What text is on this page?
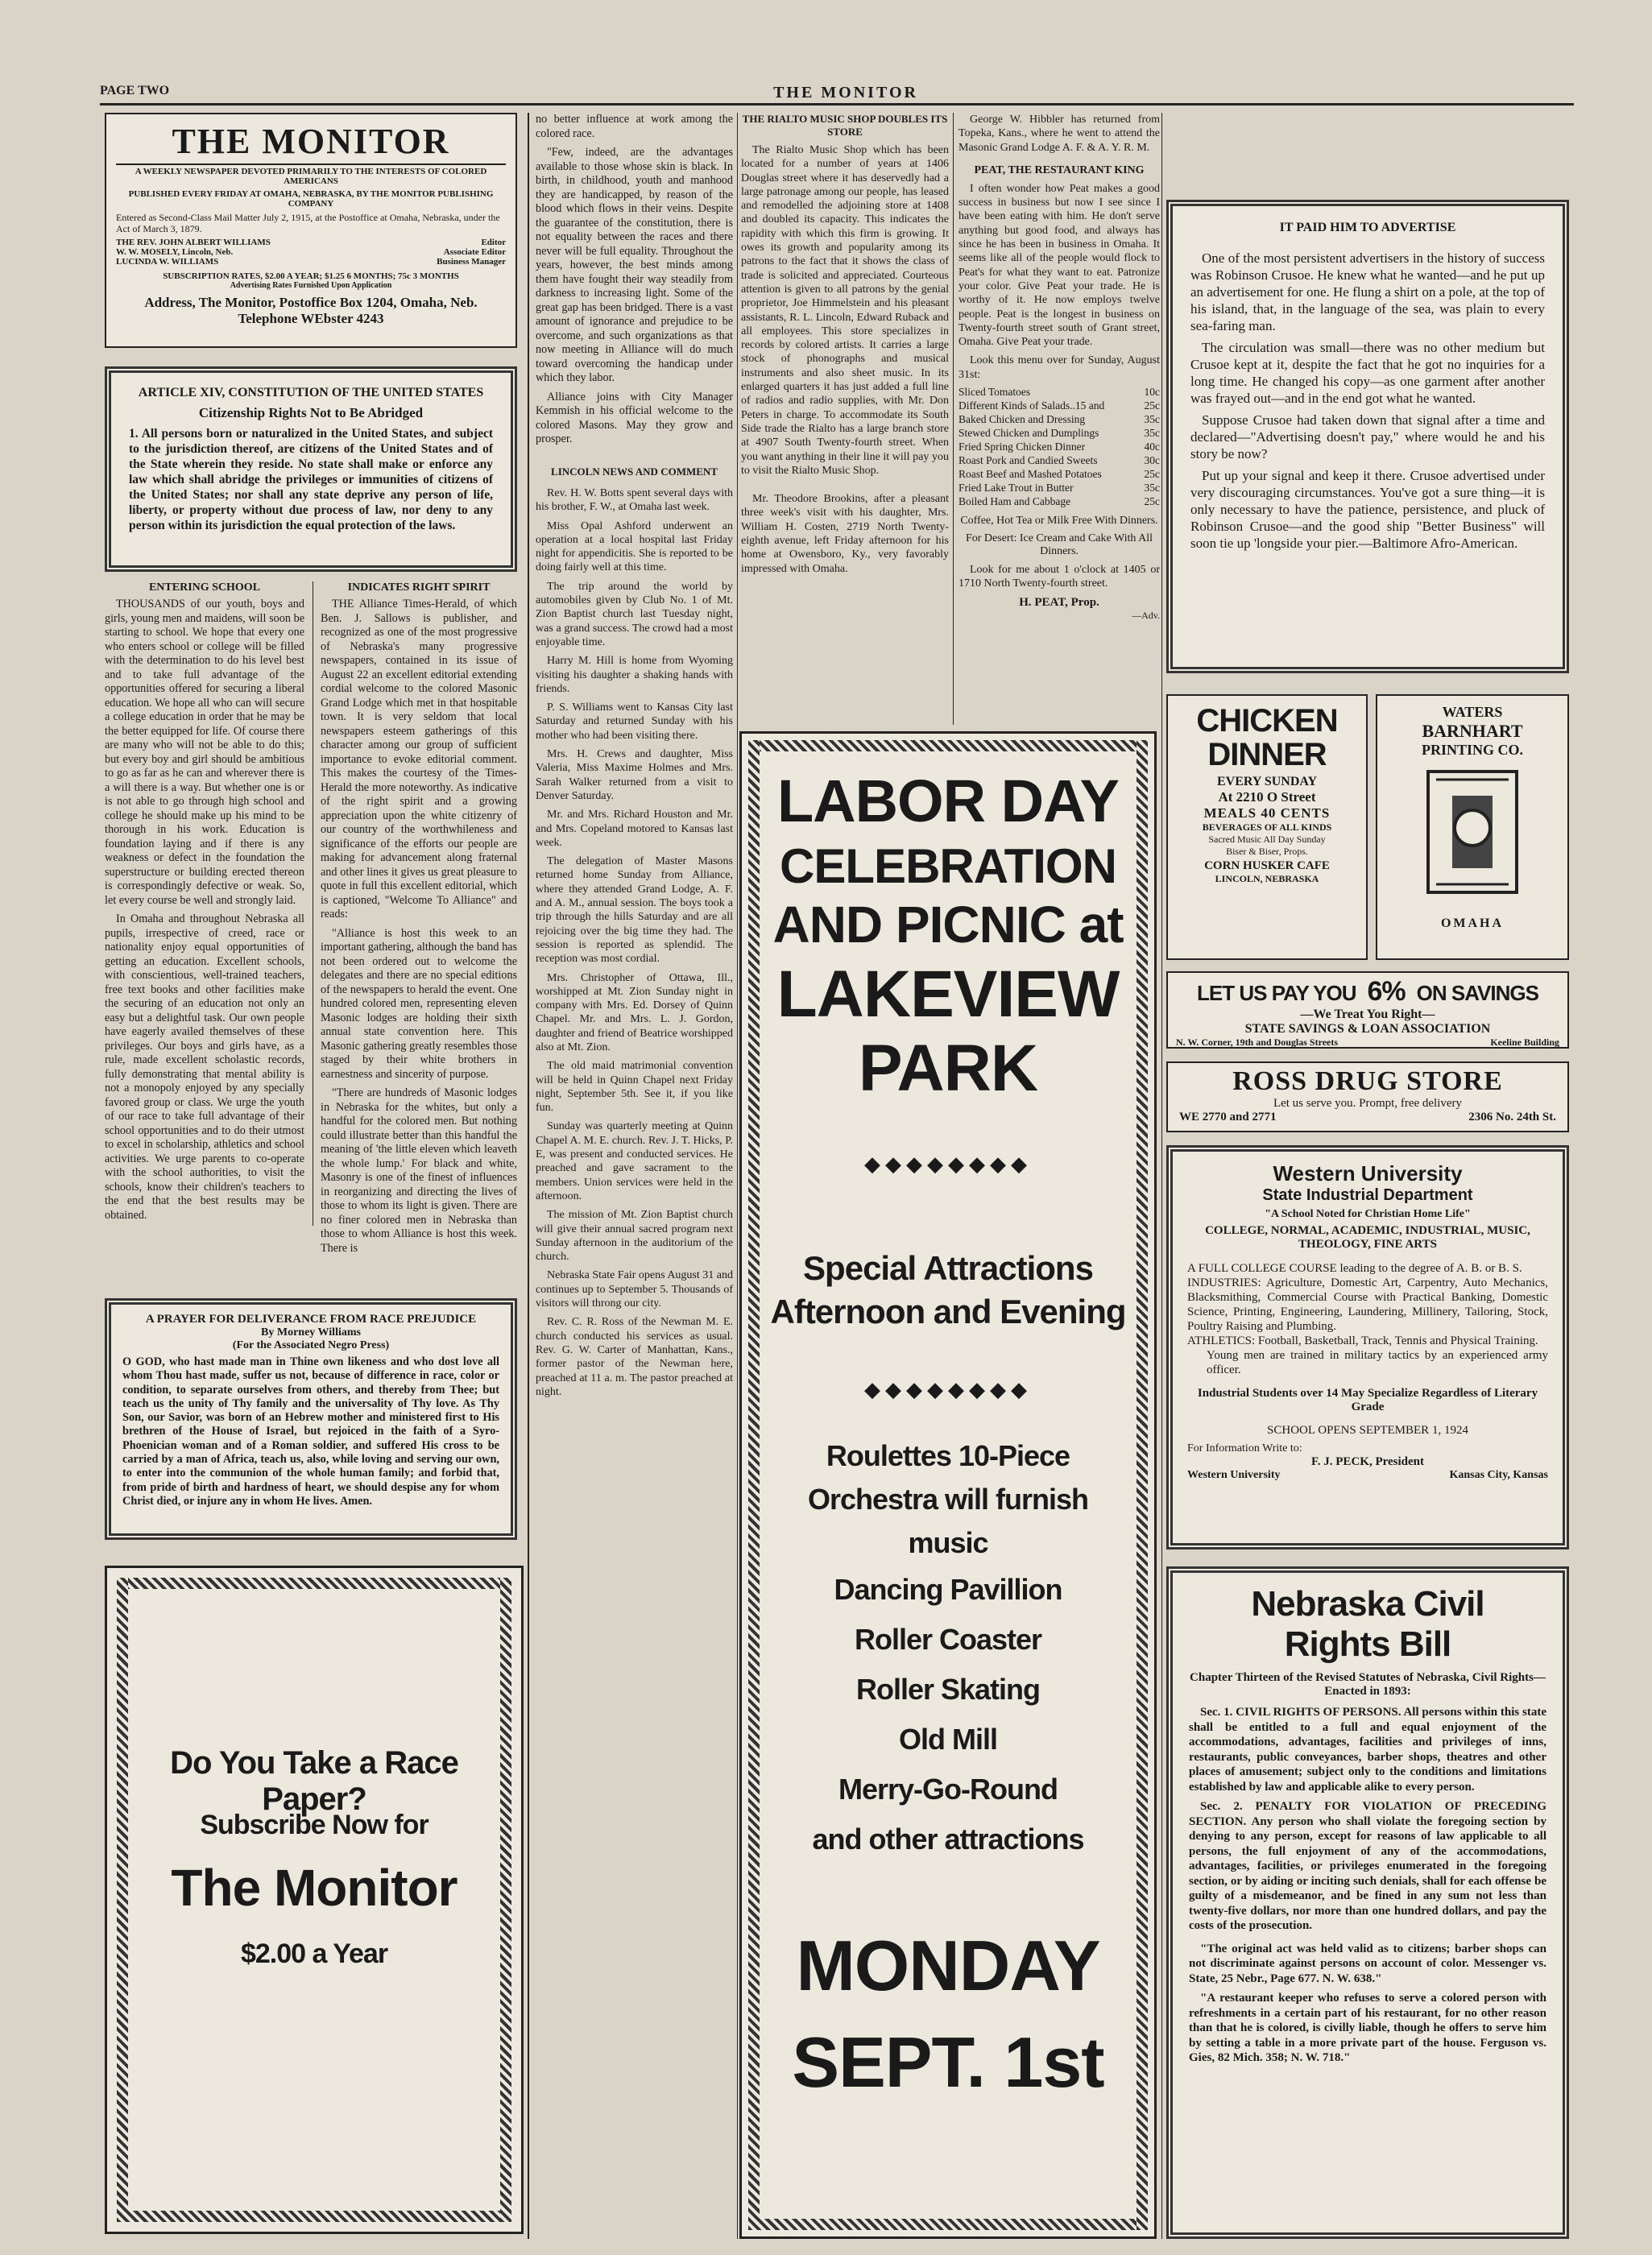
PAGE TWO	THE MONITOR
THE MONITOR
A WEEKLY NEWSPAPER DEVOTED PRIMARILY TO THE INTERESTS OF COLORED AMERICANS
PUBLISHED EVERY FRIDAY AT OMAHA, NEBRASKA, BY THE MONITOR PUBLISHING COMPANY
Entered as Second-Class Mail Matter July 2, 1915, at the Postoffice at Omaha, Nebraska, under the Act of March 3, 1879.
THE REV. JOHN ALBERT WILLIAMS	Editor
W. W. MOSELY, Lincoln, Neb.	Associate Editor
LUCINDA W. WILLIAMS	Business Manager
SUBSCRIPTION RATES, $2.00 A YEAR; $1.25 6 MONTHS; 75c 3 MONTHS
Advertising Rates Furnished Upon Application
Address, The Monitor, Postoffice Box 1204, Omaha, Neb.
Telephone WEbster 4243
ARTICLE XIV, CONSTITUTION OF THE UNITED STATES
Citizenship Rights Not to Be Abridged
1. All persons born or naturalized in the United States, and subject to the jurisdiction thereof, are citizens of the United States and of the State wherein they reside. No state shall make or enforce any law which shall abridge the privileges or immunities of citizens of the United States; nor shall any state deprive any person of life, liberty, or property without due process of law, nor deny to any person within its jurisdiction the equal protection of the laws.
ENTERING SCHOOL

THOUSANDS of our youth, boys and girls, young men and maidens, will soon be starting to school. We hope that every one who enters school or college will be filled with the determination to do his level best and to take full advantage of the opportunities offered for securing a liberal education. We hope all who can will secure a college education in order that he may be the better equipped for life. Of course there are many who will not be able to do this; but every boy and girl should be ambitious to go as far as he can and wherever there is a will there is a way. But whether one is or is not able to go through high school and college he should make up his mind to be thorough in his work. Education is foundation laying and if there is any weakness or defect in the foundation the superstructure or building erected thereon is correspondingly defective or weak. So, let every course be well and strongly laid.

In Omaha and throughout Nebraska all pupils, irrespective of creed, race or nationality enjoy equal opportunities of getting an education. Excellent schools, with conscientious, well-trained teachers, free text books and other facilities make the securing of an education not only an easy but a delightful task. Our own people have eagerly availed themselves of these privileges. Our boys and girls have, as a rule, made excellent scholastic records, fully demonstrating that mental ability is not a monopoly enjoyed by any specially favored group or class. We urge the youth of our race to take full advantage of their school opportunities and to do their utmost to excel in scholarship, athletics and school activities. We urge parents to co-operate with the school authorities, to visit the schools, know their children's teachers to the end that the best results may be obtained.

INDICATES RIGHT SPIRIT

THE Alliance Times-Herald, of which Ben. J. Sallows is publisher, and recognized as one of the most progressive of Nebraska's many progressive newspapers, contained in its issue of August 22 an excellent editorial extending cordial welcome to the colored Masonic Grand Lodge which met in that hospitable town. It is very seldom that local newspapers esteem gatherings of this character among our group of sufficient importance to evoke editorial comment. This makes the courtesy of the Times-Herald the more noteworthy. As indicative of the right spirit and a growing appreciation upon the white citizenry of our country of the worthwhileness and significance of the efforts our people are making for advancement along fraternal and other lines it gives us great pleasure to quote in full this excellent editorial, which is captioned, "Welcome To Alliance" and reads:

"Alliance is host this week to an important gathering, although the band has not been ordered out to welcome the delegates and there are no special editions of the newspapers to herald the event. One hundred colored men, representing eleven Masonic lodges are holding their sixth annual state convention here. This Masonic gathering greatly resembles those staged by their white brothers in earnestness and sincerity of purpose.

"There are hundreds of Masonic lodges in Nebraska for the whites, but only a handful for the colored men. But nothing could illustrate better than this handful the meaning of 'the little eleven which leaveth the whole lump.' For black and white, Masonry is one of the finest of influences in reorganizing and directing the lives of those to whom its light is given. There are no finer colored men in Nebraska than those to whom Alliance is host this week. There is

A PRAYER FOR DELIVERANCE FROM RACE PREJUDICE
By Morney Williams
(For the Associated Negro Press)
O GOD, who hast made man in Thine own likeness and who dost love all whom Thou hast made, suffer us not, because of difference in race, color or condition, to separate ourselves from others, and thereby from Thee; but teach us the unity of Thy family and the universality of Thy love. As Thy Son, our Savior, was born of an Hebrew mother and ministered first to His brethren of the House of Israel, but rejoiced in the faith of a Syro-Phoenician woman and of a Roman soldier, and suffered His cross to be carried by a man of Africa, teach us, also, while loving and serving our own, to enter into the communion of the whole human family; and forbid that, from pride of birth and hardness of heart, we should despise any for whom Christ died, or injure any in whom He lives. Amen.
Do You Take a Race Paper?
Subscribe Now for
The Monitor
$2.00 a Year

no better influence at work among the colored race.

"Few, indeed, are the advantages available to those whose skin is black. In birth, in childhood, youth and manhood they are handicapped, by reason of the blood which flows in their veins. Despite the guarantee of the constitution, there is not equality between the races and there never will be full equality. Throughout the years, however, the best minds among them have fought their way steadily from darkness to increasing light. Some of the great gap has been bridged. There is a vast amount of ignorance and prejudice to be overcome, and such organizations as that now meeting in Alliance will do much toward overcoming the handicap under which they labor.

Alliance joins with City Manager Kemmish in his official welcome to the colored Masons. May they grow and prosper.

LINCOLN NEWS AND COMMENT

Rev. H. W. Botts spent several days with his brother, F. W., at Omaha last week.

Miss Opal Ashford underwent an operation at a local hospital last Friday night for appendicitis. She is reported to be doing fairly well at this time.

The trip around the world by automobiles given by Club No. 1 of Mt. Zion Baptist church last Tuesday night, was a grand success. The crowd had a most enjoyable time.

Harry M. Hill is home from Wyoming visiting his daughter a shaking hands with friends.

P. S. Williams went to Kansas City last Saturday and returned Sunday with his mother who had been visiting there.

Mrs. H. Crews and daughter, Miss Valeria, Miss Maxime Holmes and Mrs. Sarah Walker returned from a visit to Denver Saturday.

Mr. and Mrs. Richard Houston and Mr. and Mrs. Copeland motored to Kansas last week.

The delegation of Master Masons returned home Sunday from Alliance, where they attended Grand Lodge, A. F. and A. M., annual session. The boys took a trip through the hills Saturday and are all rejoicing over the big time they had. The session is reported as splendid. The reception was most cordial.

Mrs. Christopher of Ottawa, Ill., worshipped at Mt. Zion Sunday night in company with Mrs. Ed. Dorsey of Quinn Chapel. Mr. and Mrs. L. J. Gordon, daughter and friend of Beatrice worshipped also at Mt. Zion.

The old maid matrimonial convention will be held in Quinn Chapel next Friday night, September 5th. See it, if you like fun.

Sunday was quarterly meeting at Quinn Chapel A. M. E. church. Rev. J. T. Hicks, P. E, was present and conducted services. He preached and gave sacrament to the members. Union services were held in the afternoon.

The mission of Mt. Zion Baptist church will give their annual sacred program next Sunday afternoon in the auditorium of the church.

Nebraska State Fair opens August 31 and continues up to September 5. Thousands of visitors will throng our city.

Rev. C. R. Ross of the Newman M. E. church conducted his services as usual. Rev. G. W. Carter of Manhattan, Kans., former pastor of the Newman here, preached at 11 a. m. The pastor preached at night.

THE RIALTO MUSIC SHOP DOUBLES ITS STORE

The Rialto Music Shop which has been located for a number of years at 1406 Douglas street where it has deservedly had a large patronage among our people, has leased and remodelled the adjoining store at 1408 and doubled its capacity. This indicates the rapidity with which this firm is growing. It owes its growth and popularity among its patrons to the fact that it shows the class of trade is solicited and appreciated. Courteous attention is given to all patrons by the genial proprietor, Joe Himmelstein and his pleasant assistants, R. L. Lincoln, Edward Ruback and all employees. This store specializes in records by colored artists. It carries a large stock of phonographs and musical instruments and also sheet music. In its enlarged quarters it has just added a full line of radios and radio supplies, with Mr. Don Peters in charge. To accommodate its South Side trade the Rialto has a large branch store at 4907 South Twenty-fourth street. When you want anything in their line it will pay you to visit the Rialto Music Shop.

Mr. Theodore Brookins, after a pleasant three week's visit with his daughter, Mrs. William H. Costen, 2719 North Twenty-eighth avenue, left Friday afternoon for his home at Owensboro, Ky., very favorably impressed with Omaha.

George W. Hibbler has returned from Topeka, Kans., where he went to attend the Masonic Grand Lodge A. F. & A. Y. R. M.
PEAT, THE RESTAURANT KING
I often wonder how Peat makes a good success in business but now I see since I have been eating with him. He don't serve anything but good food, and always has since he has been in business in Omaha. It seems like all of the people would flock to Peat's for what they want to eat. Patronize your color. Give Peat your trade. He is worthy of it. He now employs twelve people. Peat is the longest in business on Twenty-fourth street south of Grant street, Omaha. Give Peat your trade.
Look this menu over for Sunday, August 31st:
Sliced Tomatoes	10c
Different Kinds of Salads..15 and	25c
Baked Chicken and Dressing	35c
Stewed Chicken and Dumplings	35c
Fried Spring Chicken Dinner	40c
Roast Pork and Candied Sweets	30c
Roast Beef and Mashed Potatoes	25c
Fried Lake Trout in Butter	35c
Boiled Ham and Cabbage	25c
Coffee, Hot Tea or Milk Free With Dinners.
For Desert: Ice Cream and Cake With All Dinners.
Look for me about 1 o'clock at 1405 or 1710 North Twenty-fourth street.
H. PEAT, Prop.
—Adv.
LABOR DAY
CELEBRATION
AND PICNIC at
LAKEVIEW
PARK
◆◆◆◆◆◆◆◆
Special Attractions
Afternoon and Evening
◆◆◆◆◆◆◆◆
Roulettes 10-Piece
Orchestra will furnish
music
Dancing Pavillion
Roller Coaster
Roller Skating
Old Mill
Merry-Go-Round
and other attractions
MONDAY
SEPT. 1st
IT PAID HIM TO ADVERTISE

One of the most persistent advertisers in the history of success was Robinson Crusoe. He knew what he wanted—and he put up an advertisement for one. He flung a shirt on a pole, at the top of his island, that, in the language of the sea, was plain to every sea-faring man.

The circulation was small—there was no other medium but Crusoe kept at it, despite the fact that he got no inquiries for a long time. He changed his copy—as one garment after another was frayed out—and in the end got what he wanted.

Suppose Crusoe had taken down that signal after a time and declared—"Advertising doesn't pay," where would he and his story be now?

Put up your signal and keep it there. Crusoe advertised under very discouraging circumstances. You've got a sure thing—it is only necessary to have the patience, persistence, and pluck of Robinson Crusoe—and the good ship "Better Business" will soon tie up 'longside your pier.—Baltimore Afro-American.

CHICKEN
DINNER
EVERY SUNDAY
At 2210 O Street
MEALS 40 CENTS
BEVERAGES OF ALL KINDS
Sacred Music All Day Sunday
Biser & Biser, Props.
CORN HUSKER CAFE
LINCOLN, NEBRASKA
WATERS
BARNHART
PRINTING CO.
OMAHA
LET US PAY YOU 6% ON SAVINGS
—We Treat You Right—
STATE SAVINGS & LOAN ASSOCIATION
N. W. Corner, 19th and Douglas Streets	Keeline Building
ROSS DRUG STORE
Let us serve you. Prompt, free delivery
WE 2770 and 2771	2306 No. 24th St.
Western University
State Industrial Department
"A School Noted for Christian Home Life"
COLLEGE, NORMAL, ACADEMIC, INDUSTRIAL, MUSIC, THEOLOGY, FINE ARTS
A FULL COLLEGE COURSE leading to the degree of A. B. or B. S.
INDUSTRIES: Agriculture, Domestic Art, Carpentry, Auto Mechanics, Blacksmithing, Commercial Course with Practical Banking, Domestic Science, Printing, Engineering, Laundering, Millinery, Tailoring, Stock, Poultry Raising and Plumbing.
ATHLETICS: Football, Basketball, Track, Tennis and Physical Training.
Young men are trained in military tactics by an experienced army officer.
Industrial Students over 14 May Specialize Regardless of Literary Grade
SCHOOL OPENS SEPTEMBER 1, 1924
For Information Write to:
F. J. PECK, President
Western University	Kansas City, Kansas
Nebraska Civil
Rights Bill
Chapter Thirteen of the Revised Statutes of Nebraska, Civil Rights—Enacted in 1893:

Sec. 1. CIVIL RIGHTS OF PERSONS. All persons within this state shall be entitled to a full and equal enjoyment of the accommodations, advantages, facilities and privileges of inns, restaurants, public conveyances, barber shops, theatres and other places of amusement; subject only to the conditions and limitations established by law and applicable alike to every person.

Sec. 2. PENALTY FOR VIOLATION OF PRECEDING SECTION. Any person who shall violate the foregoing section by denying to any person, except for reasons of law applicable to all persons, the full enjoyment of any of the accommodations, advantages, facilities, or privileges enumerated in the foregoing section, or by aiding or inciting such denials, shall for each offense be guilty of a misdemeanor, and be fined in any sum not less than twenty-five dollars, nor more than one hundred dollars, and pay the costs of the prosecution.

"The original act was held valid as to citizens; barber shops can not discriminate against persons on account of color. Messenger vs. State, 25 Nebr., Page 677. N. W. 638."

"A restaurant keeper who refuses to serve a colored person with refreshments in a certain part of his restaurant, for no other reason than that he is colored, is civilly liable, though he offers to serve him by setting a table in a more private part of the house. Ferguson vs. Gies, 82 Mich. 358; N. W. 718."
